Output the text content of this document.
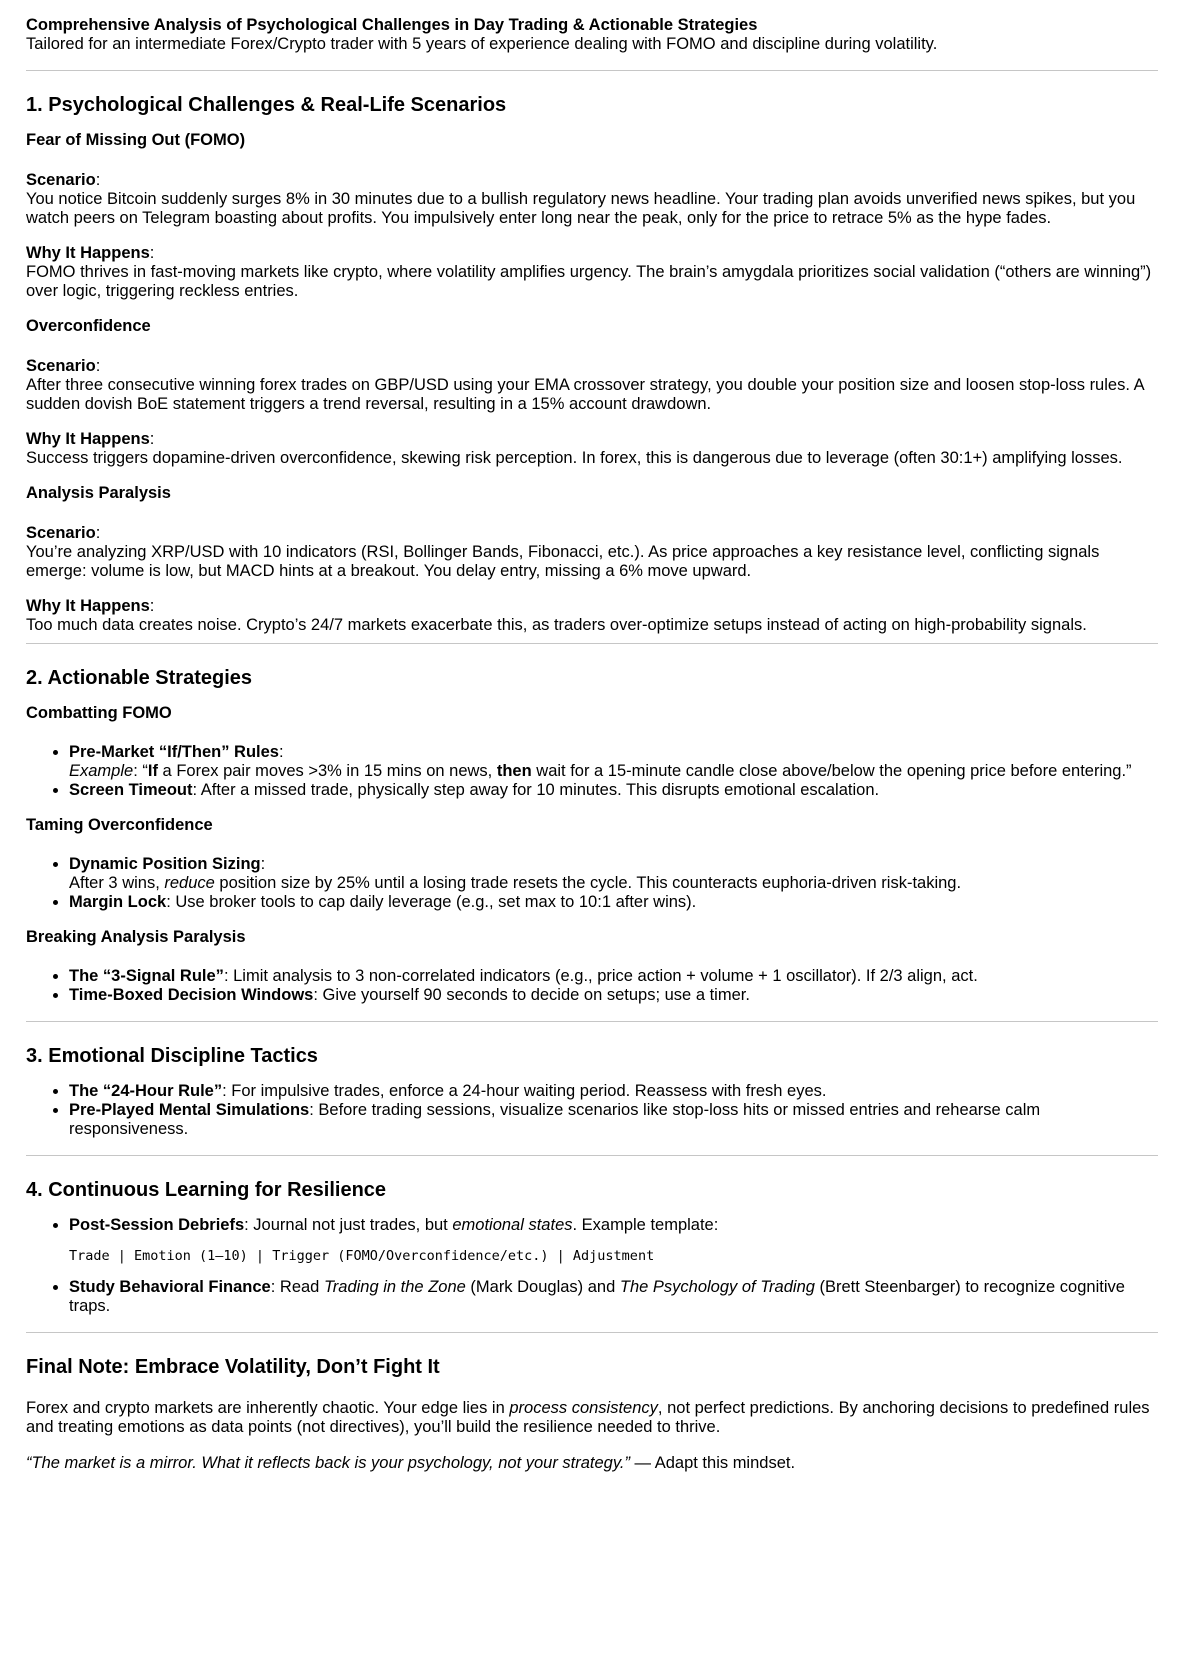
Comprehensive Analysis of Psychological Challenges in Day Trading & Actionable Strategies
Tailored for an intermediate Forex/Crypto trader with 5 years of experience dealing with FOMO and discipline during volatility.
1. Psychological Challenges & Real-Life Scenarios
Fear of Missing Out (FOMO)

Scenario:
You notice Bitcoin suddenly surges 8% in 30 minutes due to a bullish regulatory news headline. Your trading plan avoids unverified news spikes, but you watch peers on Telegram boasting about profits. You impulsively enter long near the peak, only for the price to retrace 5% as the hype fades.

Why It Happens:
FOMO thrives in fast-moving markets like crypto, where volatility amplifies urgency. The brain’s amygdala prioritizes social validation (“others are winning”) over logic, triggering reckless entries.

Overconfidence

Scenario:
After three consecutive winning forex trades on GBP/USD using your EMA crossover strategy, you double your position size and loosen stop-loss rules. A sudden dovish BoE statement triggers a trend reversal, resulting in a 15% account drawdown.

Why It Happens:
Success triggers dopamine-driven overconfidence, skewing risk perception. In forex, this is dangerous due to leverage (often 30:1+) amplifying losses.

Analysis Paralysis

Scenario:
You’re analyzing XRP/USD with 10 indicators (RSI, Bollinger Bands, Fibonacci, etc.). As price approaches a key resistance level, conflicting signals emerge: volume is low, but MACD hints at a breakout. You delay entry, missing a 6% move upward.

Why It Happens:
Too much data creates noise. Crypto’s 24/7 markets exacerbate this, as traders over-optimize setups instead of acting on high-probability signals.

2. Actionable Strategies
Combatting FOMO
• Pre-Market “If/Then” Rules:
Example: “If a Forex pair moves >3% in 15 mins on news, then wait for a 15-minute candle close above/below the opening price before entering.”
• Screen Timeout: After a missed trade, physically step away for 10 minutes. This disrupts emotional escalation.
Taming Overconfidence
• Dynamic Position Sizing:
After 3 wins, reduce position size by 25% until a losing trade resets the cycle. This counteracts euphoria-driven risk-taking.
• Margin Lock: Use broker tools to cap daily leverage (e.g., set max to 10:1 after wins).
Breaking Analysis Paralysis
• The “3-Signal Rule”: Limit analysis to 3 non-correlated indicators (e.g., price action + volume + 1 oscillator). If 2/3 align, act.
• Time-Boxed Decision Windows: Give yourself 90 seconds to decide on setups; use a timer.
3. Emotional Discipline Tactics
• The “24-Hour Rule”: For impulsive trades, enforce a 24-hour waiting period. Reassess with fresh eyes.
• Pre-Played Mental Simulations: Before trading sessions, visualize scenarios like stop-loss hits or missed entries and rehearse calm responsiveness.
4. Continuous Learning for Resilience
• Post-Session Debriefs: Journal not just trades, but emotional states. Example template:
Trade | Emotion (1–10) | Trigger (FOMO/Overconfidence/etc.) | Adjustment
• Study Behavioral Finance: Read Trading in the Zone (Mark Douglas) and The Psychology of Trading (Brett Steenbarger) to recognize cognitive traps.
Final Note: Embrace Volatility, Don’t Fight It

Forex and crypto markets are inherently chaotic. Your edge lies in process consistency, not perfect predictions. By anchoring decisions to predefined rules and treating emotions as data points (not directives), you’ll build the resilience needed to thrive.

“The market is a mirror. What it reflects back is your psychology, not your strategy.” — Adapt this mindset.
